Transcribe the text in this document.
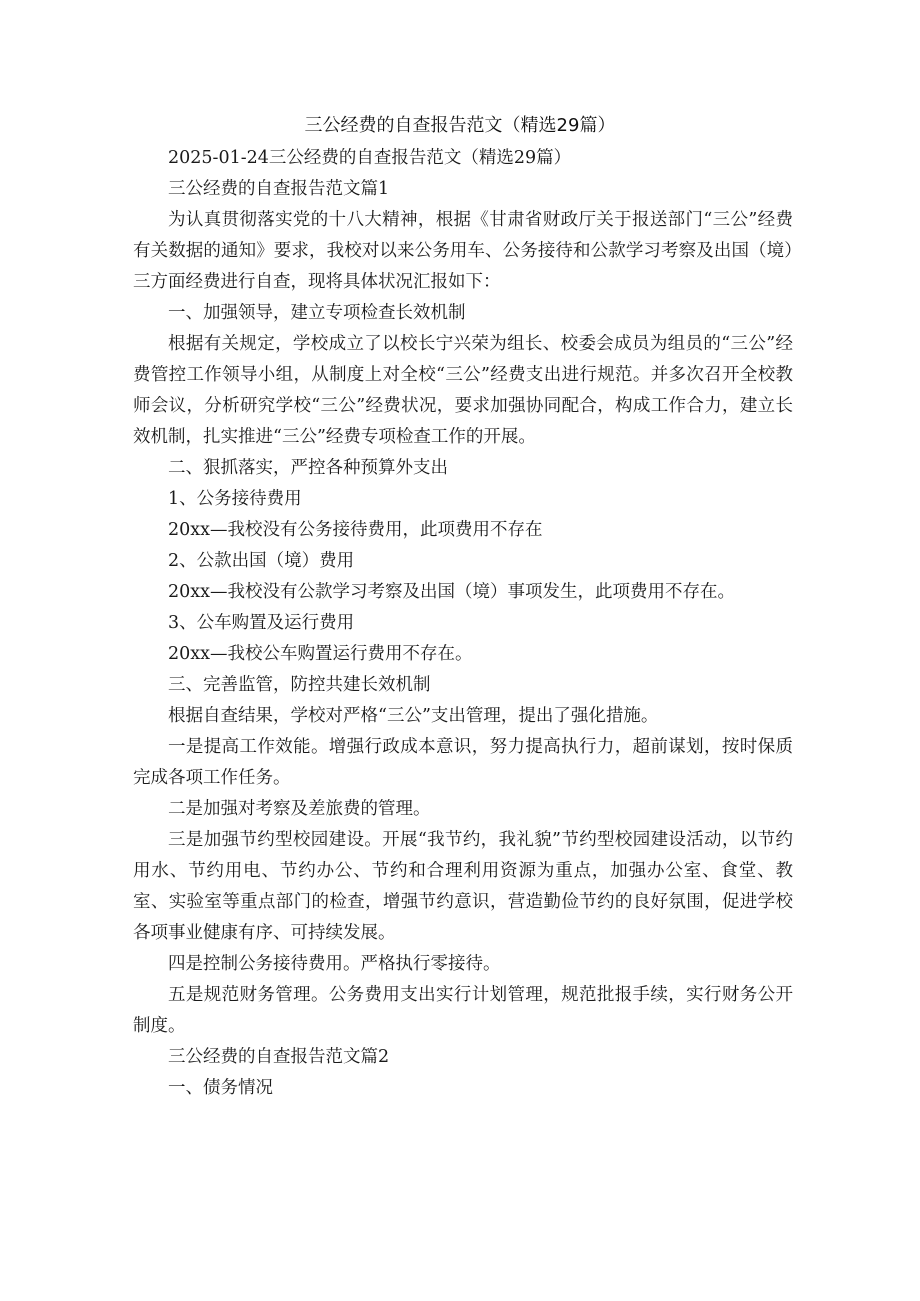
三公经费的自查报告范文（精选29篇）

2025-01-24三公经费的自查报告范文（精选29篇）

三公经费的自查报告范文篇1

为认真贯彻落实党的十八大精神，根据《甘肃省财政厅关于报送部门“三公”经费有关数据的通知》要求，我校对以来公务用车、公务接待和公款学习考察及出国（境）三方面经费进行自查，现将具体状况汇报如下：

一、加强领导，建立专项检查长效机制

根据有关规定，学校成立了以校长宁兴荣为组长、校委会成员为组员的“三公”经费管控工作领导小组，从制度上对全校“三公”经费支出进行规范。并多次召开全校教师会议，分析研究学校“三公”经费状况，要求加强协同配合，构成工作合力，建立长效机制，扎实推进“三公”经费专项检查工作的开展。

二、狠抓落实，严控各种预算外支出

1、公务接待费用

20xx—我校没有公务接待费用，此项费用不存在

2、公款出国（境）费用

20xx—我校没有公款学习考察及出国（境）事项发生，此项费用不存在。

3、公车购置及运行费用

20xx—我校公车购置运行费用不存在。

三、完善监管，防控共建长效机制

根据自查结果，学校对严格“三公”支出管理，提出了强化措施。

一是提高工作效能。增强行政成本意识，努力提高执行力，超前谋划，按时保质完成各项工作任务。

二是加强对考察及差旅费的管理。

三是加强节约型校园建设。开展“我节约，我礼貌”节约型校园建设活动，以节约用水、节约用电、节约办公、节约和合理利用资源为重点，加强办公室、食堂、教室、实验室等重点部门的检查，增强节约意识，营造勤俭节约的良好氛围，促进学校各项事业健康有序、可持续发展。

四是控制公务接待费用。严格执行零接待。

五是规范财务管理。公务费用支出实行计划管理，规范批报手续，实行财务公开制度。

三公经费的自查报告范文篇2

一、债务情况
